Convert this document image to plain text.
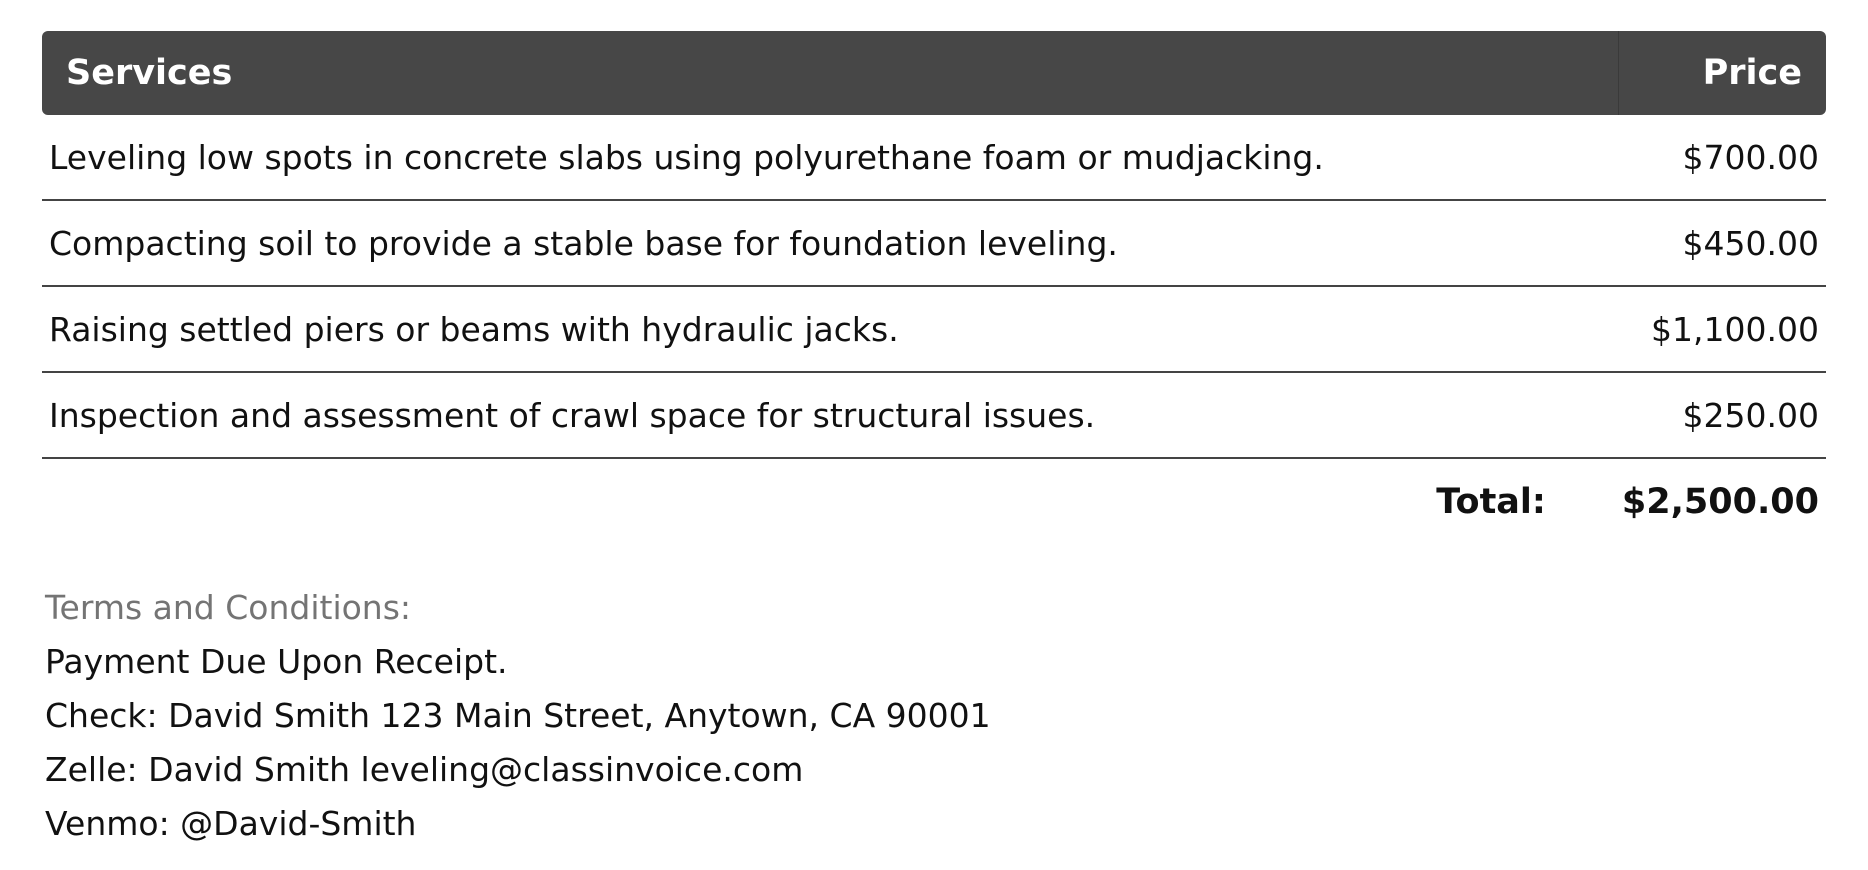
Services	Price
Leveling low spots in concrete slabs using polyurethane foam or mudjacking.	$700.00
Compacting soil to provide a stable base for foundation leveling.	$450.00
Raising settled piers or beams with hydraulic jacks.	$1,100.00
Inspection and assessment of crawl space for structural issues.	$250.00
Total: $2,500.00
Terms and Conditions:
Payment Due Upon Receipt.
Check: David Smith 123 Main Street, Anytown, CA 90001
Zelle: David Smith leveling@classinvoice.com
Venmo: @David-Smith
